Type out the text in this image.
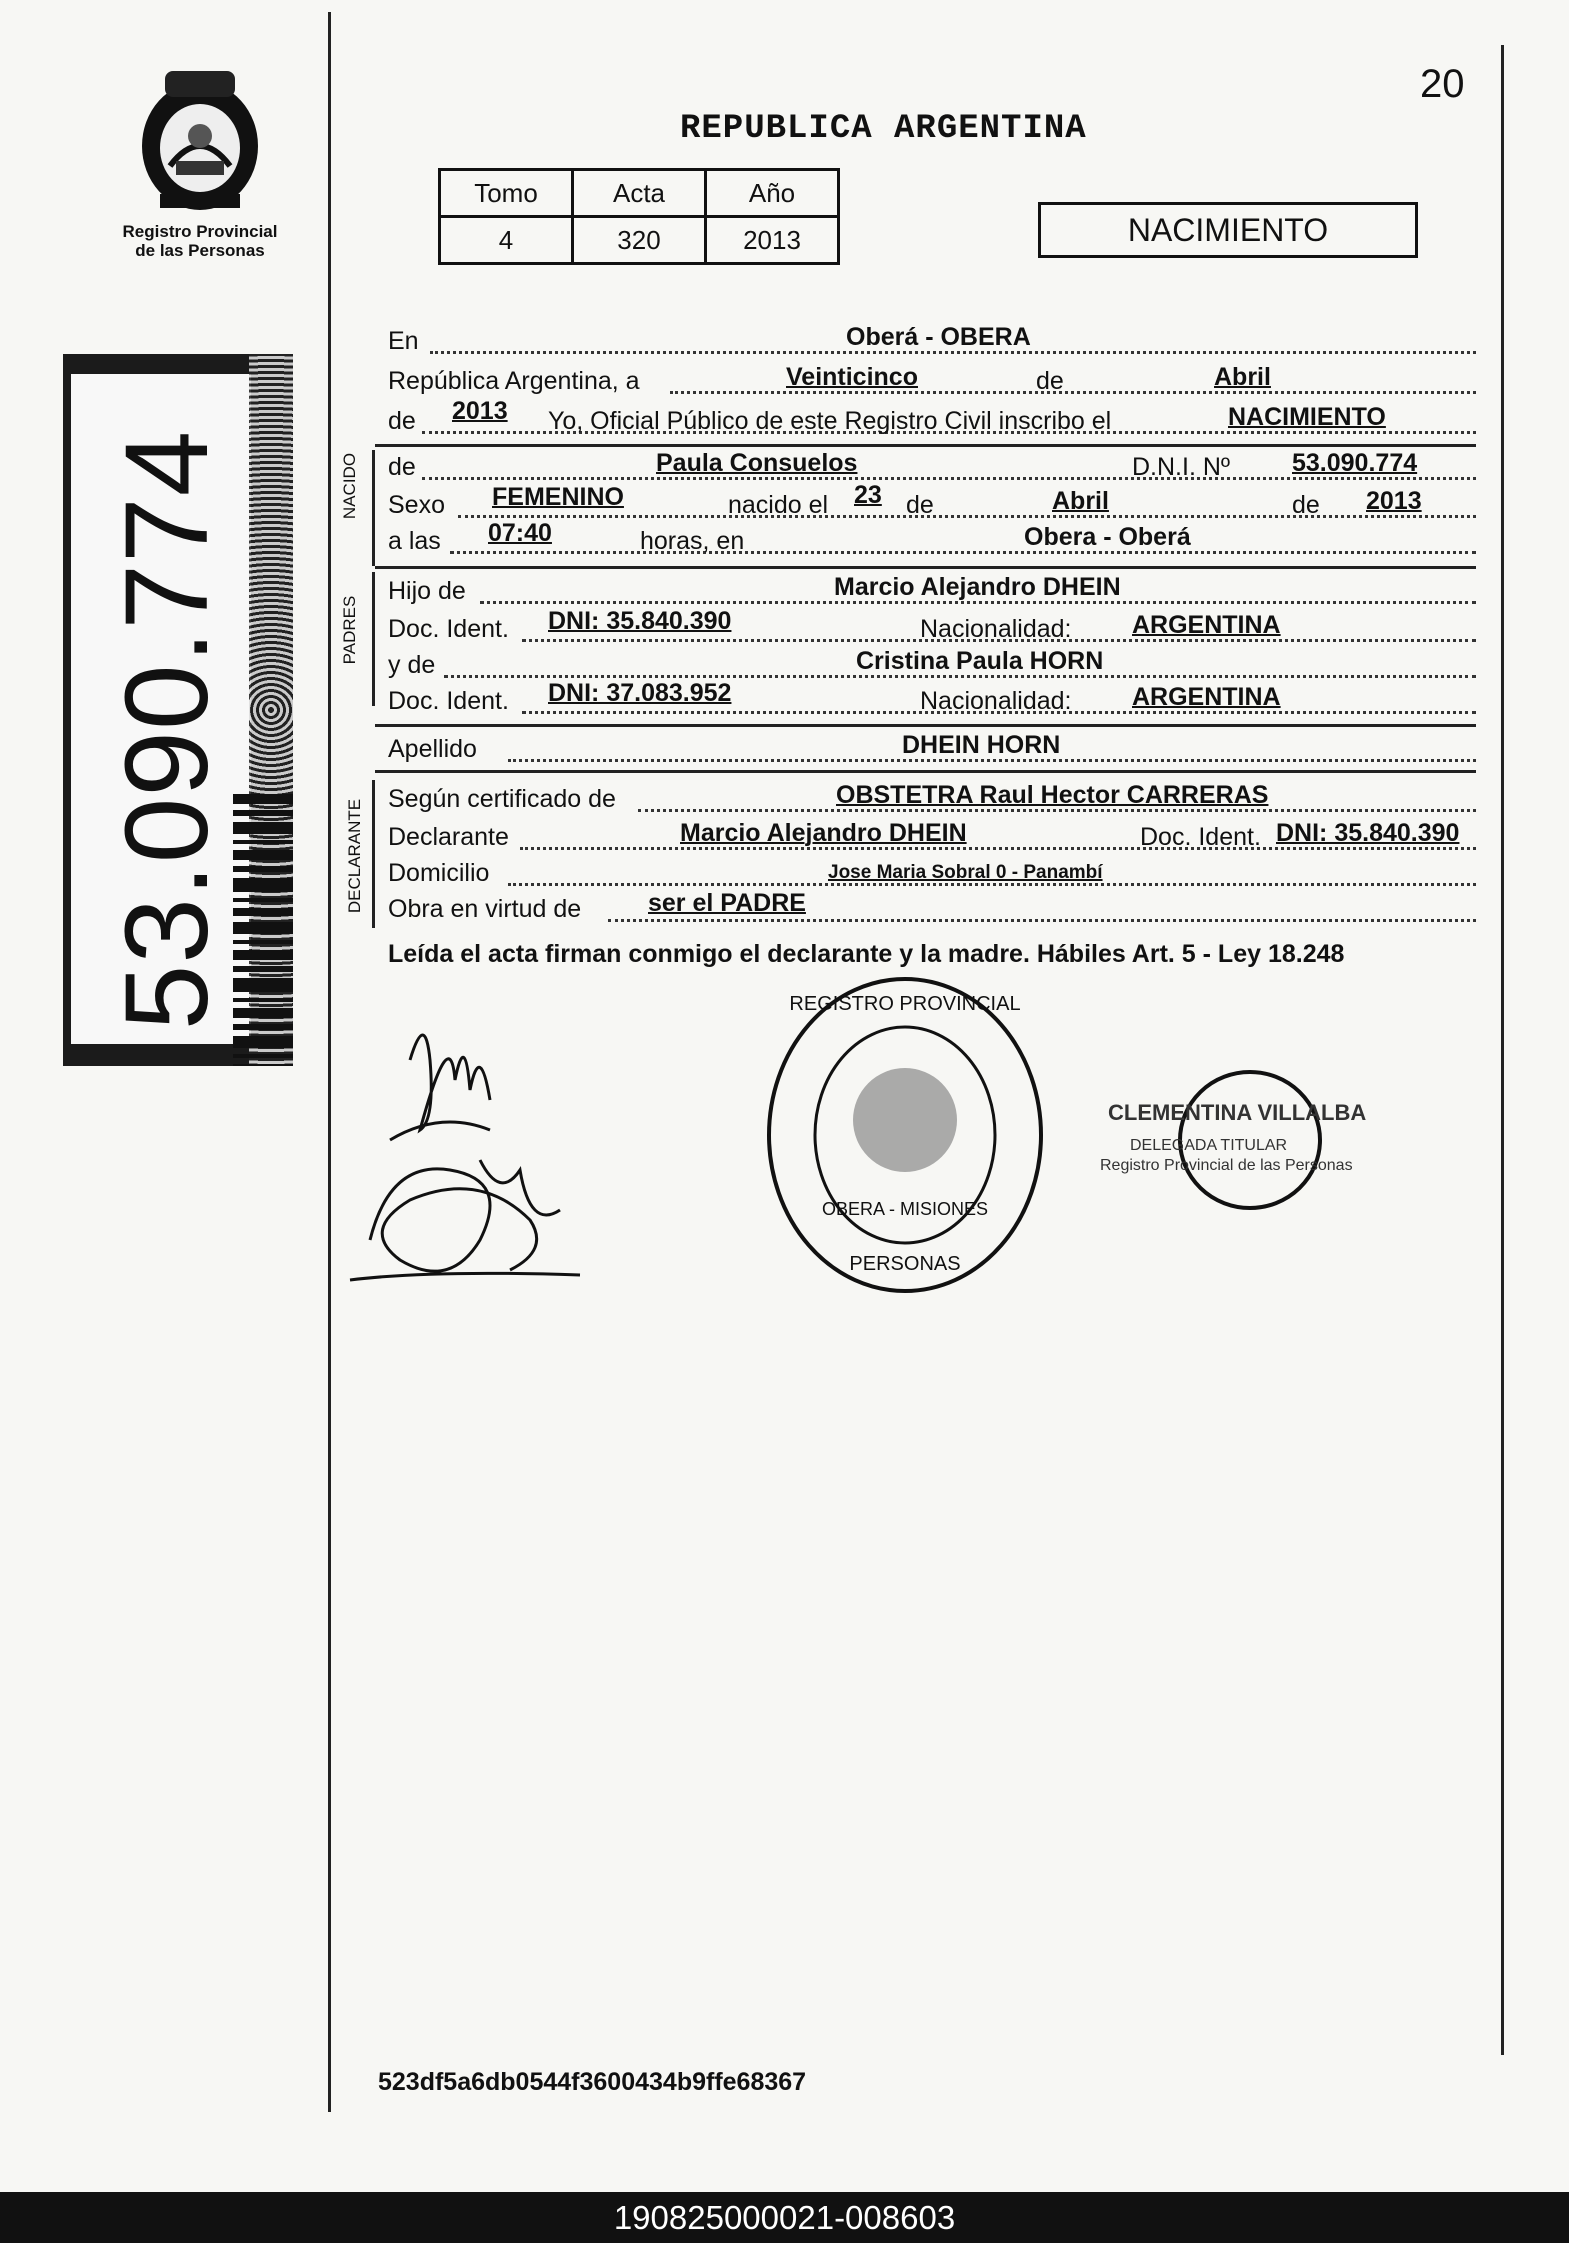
20
REPUBLICA ARGENTINA
Registro Provincial
de las Personas
Tomo	Acta	Año
4	320	2013	NACIMIENTO
53.090.774
En	Oberá - OBERA
República Argentina, a	Veinticinco	de	Abril
de 2013 Yo, Oficial Público de este Registro Civil inscribo el	NACIMIENTO
NACIDO de	Paula Consuelos	D.N.I. Nº 53.090.774
Sexo FEMENINO	nacido el 23 de	Abril	de 2013
a las 07:40	horas, en	Obera - Oberá
PADRES
Hijo de	Marcio Alejandro DHEIN
Doc. Ident. DNI: 35.840.390	Nacionalidad: ARGENTINA
y de	Cristina Paula HORN
Doc. Ident. DNI: 37.083.952	Nacionalidad: ARGENTINA
Apellido	DHEIN HORN
DECLARANTE Según certificado de	OBSTETRA Raul Hector CARRERAS
Declarante	Marcio Alejandro DHEIN	Doc. Ident. DNI: 35.840.390
Domicilio	Jose Maria Sobral 0 - Panambí
Obra en virtud de	ser el PADRE
Leída el acta firman conmigo el declarante y la madre. Hábiles Art. 5 - Ley 18.248
REGISTRO PROVINCIAL
PERSONAS
OBERA - MISIONES
CLEMENTINA VILLALBA
DELEGADA TITULAR
Registro Provincial de las Personas
523df5a6db0544f3600434b9ffe68367
190825000021-008603
